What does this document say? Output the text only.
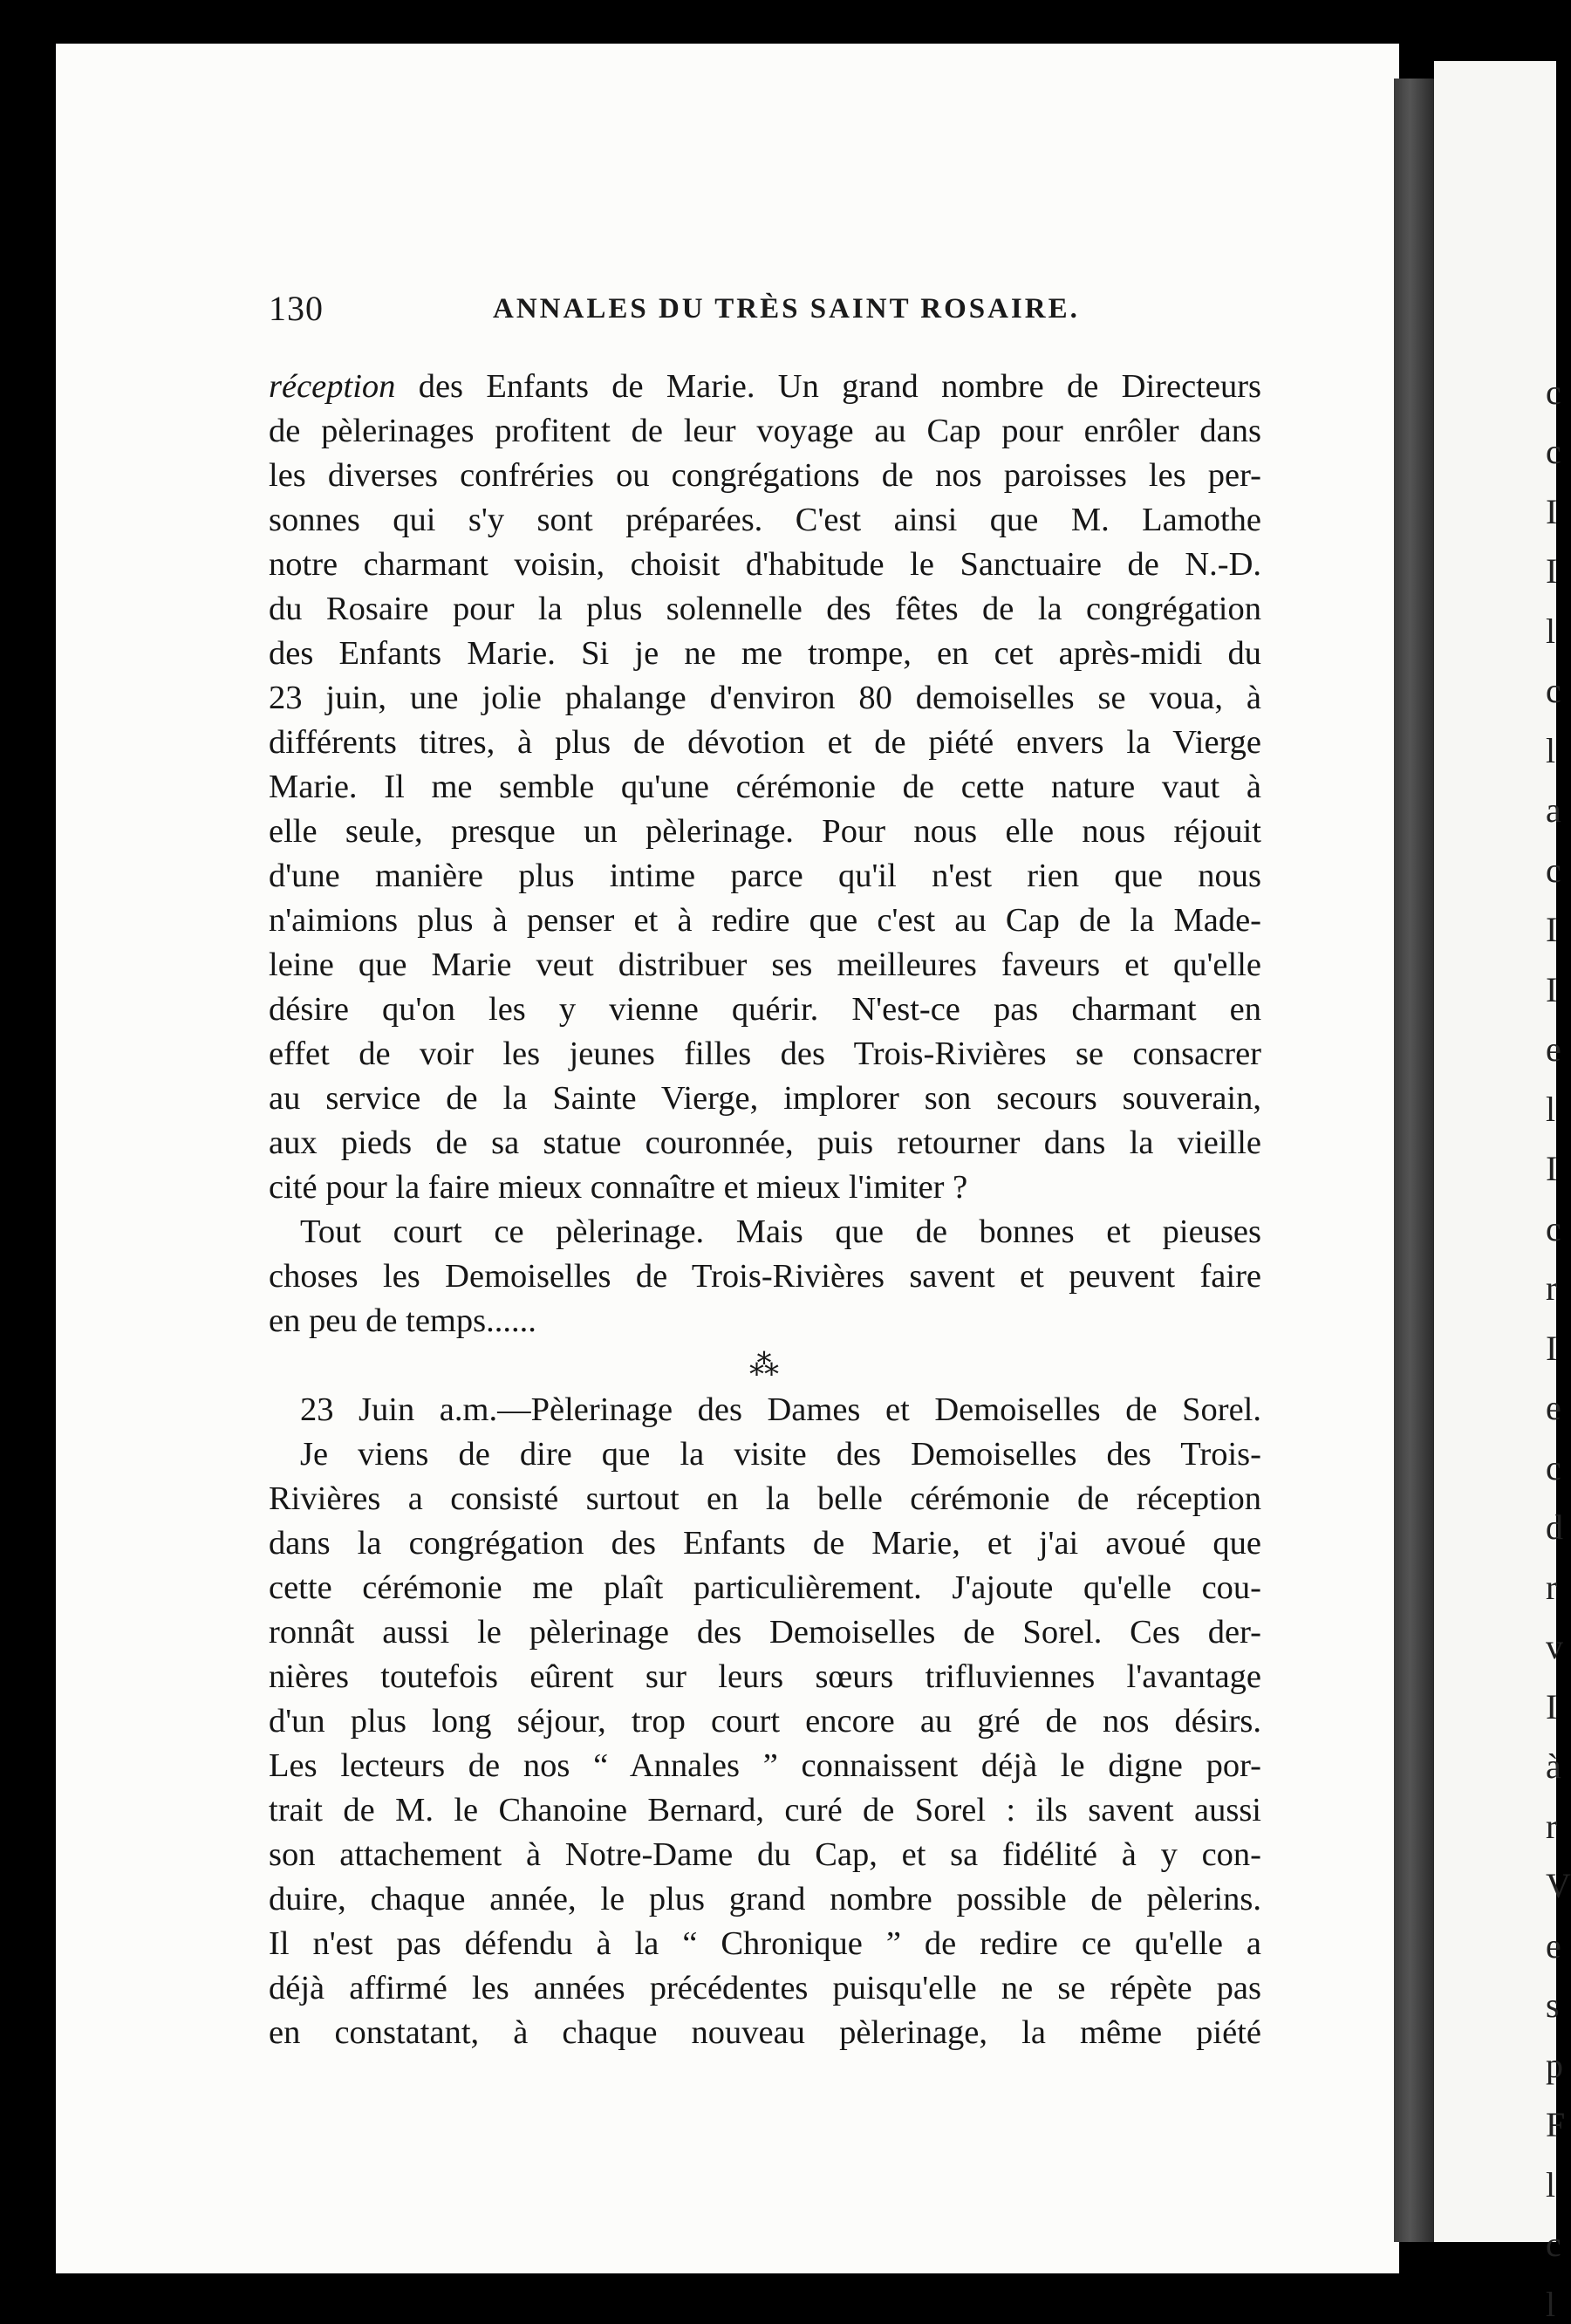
c
c
I
I
l
c
l
a
c
I
I
e
l
I
c
r
I
e
c
d
r
v
I
à
r
V
e
s
p
F
l
c
l
130	ANNALES DU TRÈS SAINT ROSAIRE.
réception des Enfants de Marie. Un grand nombre de Directeurs
de pèlerinages profitent de leur voyage au Cap pour enrôler dans
les diverses confréries ou congrégations de nos paroisses les per-
sonnes qui s'y sont préparées. C'est ainsi que M. Lamothe
notre charmant voisin, choisit d'habitude le Sanctuaire de N.-D.
du Rosaire pour la plus solennelle des fêtes de la congrégation
des Enfants Marie. Si je ne me trompe, en cet après-midi du
23 juin, une jolie phalange d'environ 80 demoiselles se voua, à
différents titres, à plus de dévotion et de piété envers la Vierge
Marie. Il me semble qu'une cérémonie de cette nature vaut à
elle seule, presque un pèlerinage. Pour nous elle nous réjouit
d'une manière plus intime parce qu'il n'est rien que nous
n'aimions plus à penser et à redire que c'est au Cap de la Made-
leine que Marie veut distribuer ses meilleures faveurs et qu'elle
désire qu'on les y vienne quérir. N'est-ce pas charmant en
effet de voir les jeunes filles des Trois-Rivières se consacrer
au service de la Sainte Vierge, implorer son secours souverain,
aux pieds de sa statue couronnée, puis retourner dans la vieille
cité pour la faire mieux connaître et mieux l'imiter ?
Tout court ce pèlerinage. Mais que de bonnes et pieuses
choses les Demoiselles de Trois-Rivières savent et peuvent faire
en peu de temps......
⁂
23 Juin a.m.—Pèlerinage des Dames et Demoiselles de Sorel.
Je viens de dire que la visite des Demoiselles des Trois-
Rivières a consisté surtout en la belle cérémonie de réception
dans la congrégation des Enfants de Marie, et j'ai avoué que
cette cérémonie me plaît particulièrement. J'ajoute qu'elle cou-
ronnât aussi le pèlerinage des Demoiselles de Sorel. Ces der-
nières toutefois eûrent sur leurs sœurs trifluviennes l'avantage
d'un plus long séjour, trop court encore au gré de nos désirs.
Les lecteurs de nos “ Annales ” connaissent déjà le digne por-
trait de M. le Chanoine Bernard, curé de Sorel : ils savent aussi
son attachement à Notre-Dame du Cap, et sa fidélité à y con-
duire, chaque année, le plus grand nombre possible de pèlerins.
Il n'est pas défendu à la “ Chronique ” de redire ce qu'elle a
déjà affirmé les années précédentes puisqu'elle ne se répète pas
en constatant, à chaque nouveau pèlerinage, la même piété
